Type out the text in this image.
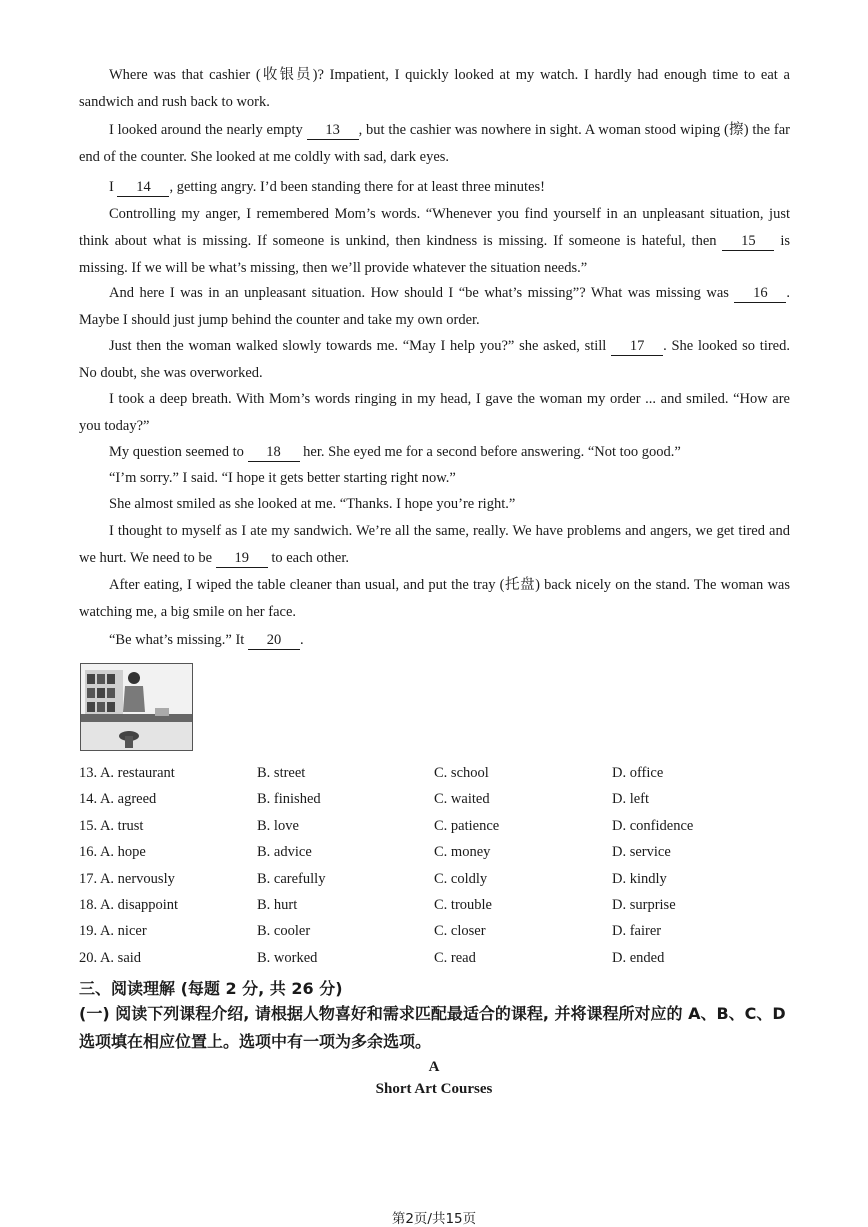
Where was that cashier (收银员)? Impatient, I quickly looked at my watch. I hardly had enough time to eat a sandwich and rush back to work.

I looked around the nearly empty 13 , but the cashier was nowhere in sight. A woman stood wiping (擦) the far end of the counter. She looked at me coldly with sad, dark eyes.

I 14 , getting angry. I’d been standing there for at least three minutes!

Controlling my anger, I remembered Mom’s words. “Whenever you find yourself in an unpleasant situation, just think about what is missing. If someone is unkind, then kindness is missing. If someone is hateful, then 15 is missing. If we will be what’s missing, then we’ll provide whatever the situation needs.”

And here I was in an unpleasant situation. How should I “be what’s missing”? What was missing was 16 . Maybe I should just jump behind the counter and take my own order.

Just then the woman walked slowly towards me. “May I help you?” she asked, still 17 . She looked so tired. No doubt, she was overworked.

I took a deep breath. With Mom’s words ringing in my head, I gave the woman my order ... and smiled. “How are you today?”

My question seemed to 18 her. She eyed me for a second before answering. “Not too good.”

“I’m sorry.” I said. “I hope it gets better starting right now.”

She almost smiled as she looked at me. “Thanks. I hope you’re right.”

I thought to myself as I ate my sandwich. We’re all the same, really. We have problems and angers, we get tired and we hurt. We need to be 19 to each other.

After eating, I wiped the table cleaner than usual, and put the tray (托盘) back nicely on the stand. The woman was watching me, a big smile on her face.

“Be what’s missing.” It 20 .

13. A. restaurant	B. street	C. school	D. office
14. A. agreed	B. finished	C. waited	D. left
15. A. trust	B. love	C. patience	D. confidence
16. A. hope	B. advice	C. money	D. service
17. A. nervously	B. carefully	C. coldly	D. kindly
18. A. disappoint	B. hurt	C. trouble	D. surprise
19. A. nicer	B. cooler	C. closer	D. fairer
20. A. said	B. worked	C. read	D. ended
三、阅读理解 (每题 2 分, 共 26 分)

(一) 阅读下列课程介绍, 请根据人物喜好和需求匹配最适合的课程, 并将课程所对应的 A、B、C、D 选项填在相应位置上。选项中有一项为多余选项。

A
Short Art Courses
第2页/共15页
